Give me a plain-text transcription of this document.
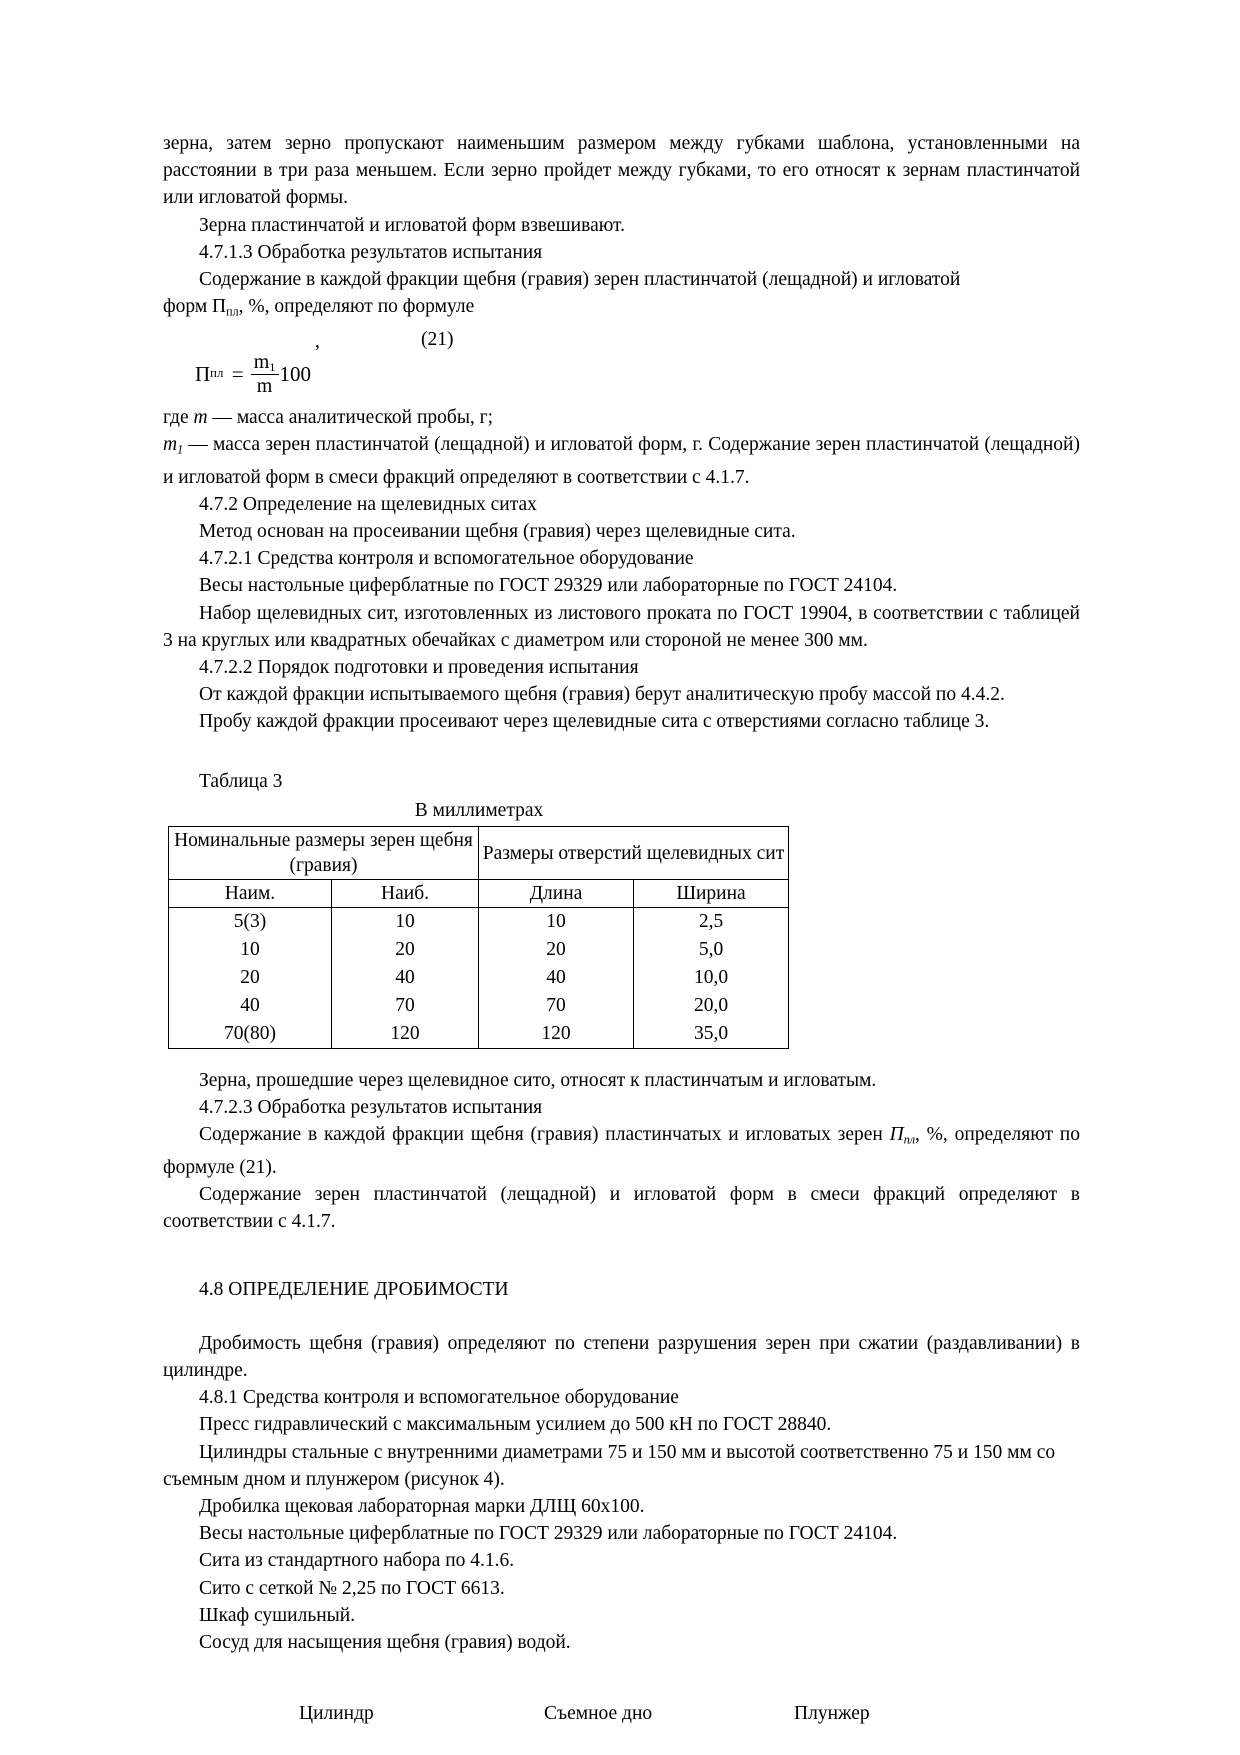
зерна, затем зерно пропускают наименьшим размером между губками шаблона, установленными на расстоянии в три раза меньшем. Если зерно пройдет между губками, то его относят к зернам пластинчатой или игловатой формы.

Зерна пластинчатой и игловатой форм взвешивают.

4.7.1.3 Обработка результатов испытания

Содержание в каждой фракции щебня (гравия) зерен пластинчатой (лещадной) и игловатой

форм $П_{пл}$, %, определяют по формуле

,	(21)
П пл = $\frac{m_1}{m} 100$

где m — масса аналитической пробы, г;

$m_1$ — масса зерен пластинчатой (лещадной) и игловатой форм, г. Содержание зерен пластинчатой (лещадной) и игловатой форм в смеси фракций определяют в соответствии с 4.1.7.

4.7.2 Определение на щелевидных ситах

Метод основан на просеивании щебня (гравия) через щелевидные сита.

4.7.2.1 Средства контроля и вспомогательное оборудование

Весы настольные циферблатные по ГОСТ 29329 или лабораторные по ГОСТ 24104.

Набор щелевидных сит, изготовленных из листового проката по ГОСТ 19904, в соответствии с таблицей 3 на круглых или квадратных обечайках с диаметром или стороной не менее 300 мм.

4.7.2.2 Порядок подготовки и проведения испытания

От каждой фракции испытываемого щебня (гравия) берут аналитическую пробу массой по 4.4.2.

Пробу каждой фракции просеивают через щелевидные сита с отверстиями согласно таблице 3.

Таблица 3
В миллиметрах
Номинальные размеры зерен щебня (гравия)		Размеры отверстий щелевидных сит	
Наим.	Наиб.	Длина	Ширина
5(3)	10	10	2,5
10	20	20	5,0
20	40	40	10,0
40	70	70	20,0
70(80)	120	120	35,0

Зерна, прошедшие через щелевидное сито, относят к пластинчатым и игловатым.

4.7.2.3 Обработка результатов испытания

Содержание в каждой фракции щебня (гравия) пластинчатых и игловатых зерен $П_{пл}$, %, определяют по формуле (21).

Содержание зерен пластинчатой (лещадной) и игловатой форм в смеси фракций определяют в соответствии с 4.1.7.

4.8 ОПРЕДЕЛЕНИЕ ДРОБИМОСТИ

Дробимость щебня (гравия) определяют по степени разрушения зерен при сжатии (раздавливании) в цилиндре.

4.8.1 Средства контроля и вспомогательное оборудование

Пресс гидравлический с максимальным усилием до 500 кН по ГОСТ 28840.

Цилиндры стальные с внутренними диаметрами 75 и 150 мм и высотой соответственно 75 и 150 мм со съемным дном и плунжером (рисунок 4).

Дробилка щековая лабораторная марки ДЛЩ 60х100.

Весы настольные циферблатные по ГОСТ 29329 или лабораторные по ГОСТ 24104.

Сита из стандартного набора по 4.1.6.

Сито с сеткой № 2,25 по ГОСТ 6613.

Шкаф сушильный.

Сосуд для насыщения щебня (гравия) водой.

Цилиндр	Съемное дно	Плунжер
